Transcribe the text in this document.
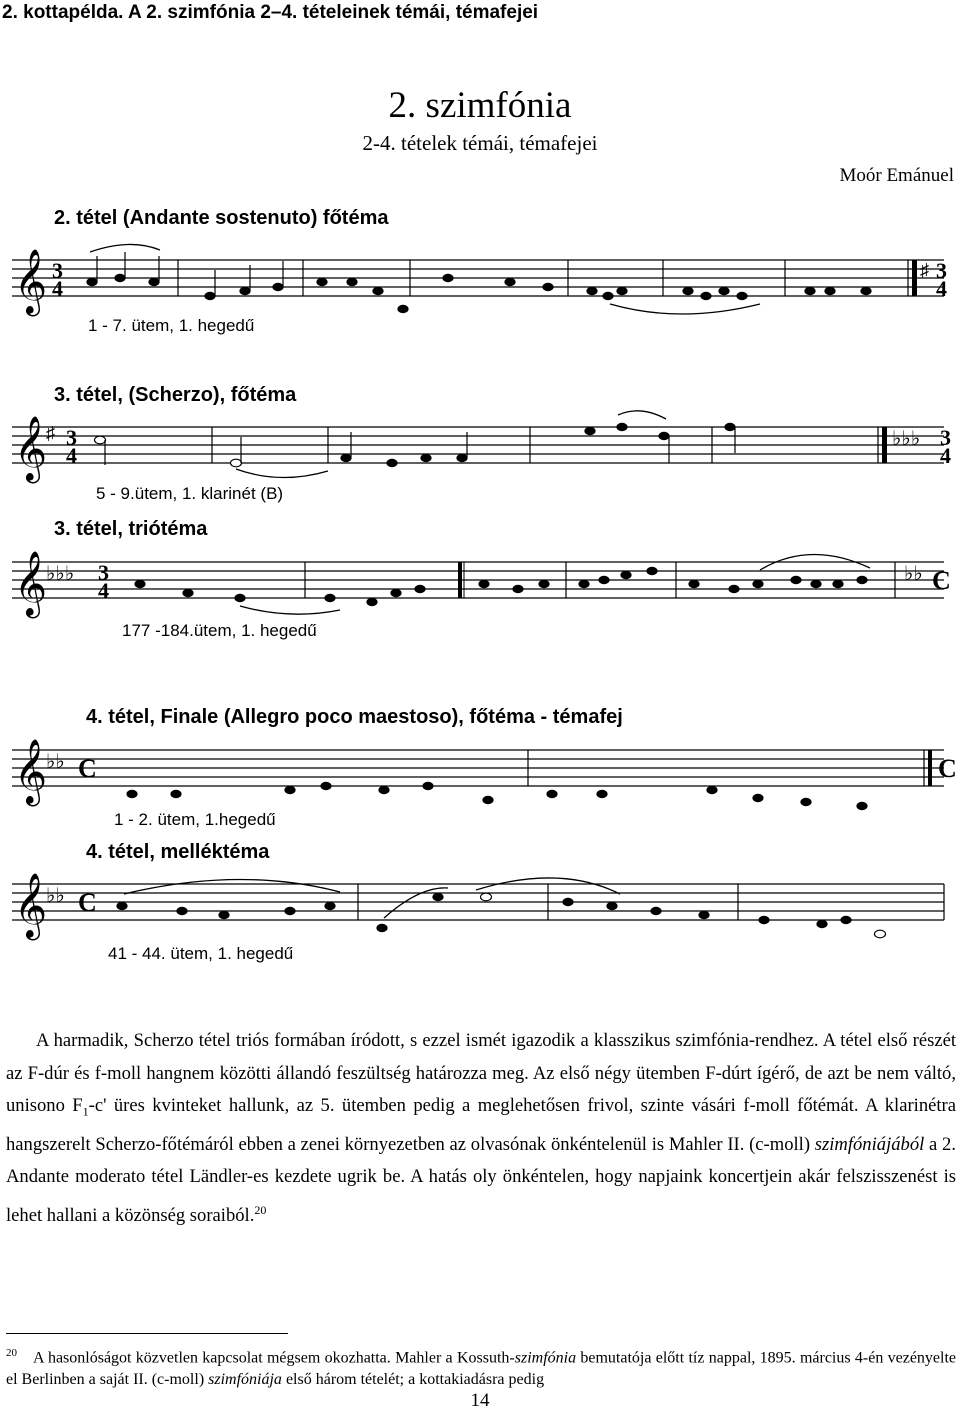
2. kottapélda. A 2. szimfónia 2–4. tételeinek témái, témafejei
2. szimfónia
2-4. tételek témái, témafejei
Moór Emánuel
2. tétel (Andante sostenuto) főtéma
𝄞 3
4
♯ 3
4
1 - 7. ütem, 1. hegedű
3. tétel, (Scherzo), főtéma
𝄞
♯ 3
4
♭♭♭ 3
4
5 - 9.ütem, 1. klarinét (B)
3. tétel, triótéma
𝄞
♭♭♭ 3
4
♭♭ C
177 -184.ütem, 1. hegedű
4. tétel, Finale (Allegro poco maestoso), főtéma - témafej
𝄞
♭♭ C	C
1 - 2. ütem, 1.hegedű
4. tétel, melléktéma
𝄞
♭♭ C
41 - 44. ütem, 1. hegedű

A harmadik, Scherzo tétel triós formában íródott, s ezzel ismét igazodik a klasszikus szimfónia-rendhez. A tétel első részét az F-dúr és f-moll hangnem közötti állandó feszültség határozza meg. Az első négy ütemben F-dúrt ígérő, de azt be nem váltó, unisono $F_1-c'$ üres kvinteket hallunk, az 5. ütemben pedig a meglehetősen frivol, szinte vásári f-moll főtémát. A klarinétra hangszerelt Scherzo-főtémáról ebben a zenei környezetben az olvasónak önkéntelenül is Mahler II. (c-moll) szimfóniájából a 2. Andante moderato tétel Ländler-es kezdete ugrik be. A hatás oly önkéntelen, hogy napjaink koncertjein akár felszisszenést is lehet hallani a közönség soraiból.$^{20}$

$^{20}$ A hasonlóságot közvetlen kapcsolat mégsem okozhatta. Mahler a Kossuth-szimfónia bemutatója előtt tíz nappal, 1895. március 4-én vezényelte el Berlinben a saját II. (c-moll) szimfóniája első három tételét; a kottakiadásra pedig
14
